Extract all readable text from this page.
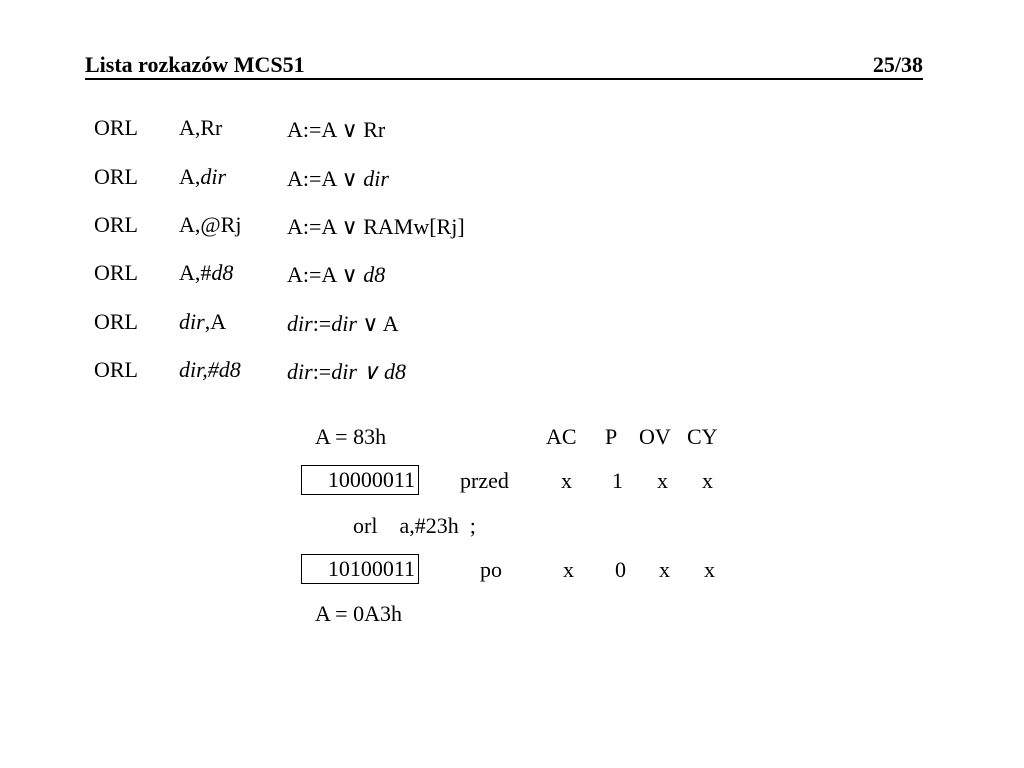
Lista rozkazów MCS51	25/38
ORL A,Rr	A:=A ∨ Rr
ORL A,dir	A:=A ∨ dir
ORL A,@Rj A:=A ∨ RAMw[Rj]
ORL A,#d8 A:=A ∨ d8
ORL dir,A	dir:=dir ∨ A
ORL dir,#d8 dir:=dir ∨ d8
A = 83h	AC P OV CY
10000011 przed x 1 x x
orl    a,#23h  ;
10100011	po	x 0 x x
A = 0A3h
